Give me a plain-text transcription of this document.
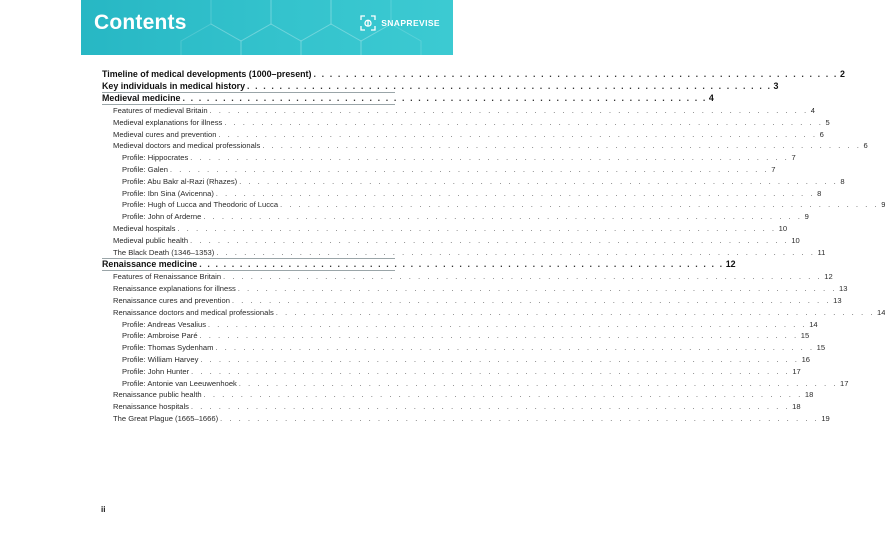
Contents	SNAPREVISE
Timeline of medical developments (1000–present) . . . . . . . . . . . . . . . . . . . . . . . . . . . . . . . . . . . . . . . . . . . . . . . . . . . . . . . . . . . . . . . . . 2
Key individuals in medical history . . . . . . . . . . . . . . . . . . . . . . . . . . . . . . . . . . . . . . . . . . . . . . . . . . . . . . . . . . . . . . . . . 3
Medieval medicine . . . . . . . . . . . . . . . . . . . . . . . . . . . . . . . . . . . . . . . . . . . . . . . . . . . . . . . . . . . . . . . . . 4
Features of medieval Britain . . . . . . . . . . . . . . . . . . . . . . . . . . . . . . . . . . . . . . . . . . . . . . . . . . . . . . . . . . . . . . . . . 4
Medieval explanations for illness . . . . . . . . . . . . . . . . . . . . . . . . . . . . . . . . . . . . . . . . . . . . . . . . . . . . . . . . . . . . . . . . . 5
Medieval cures and prevention . . . . . . . . . . . . . . . . . . . . . . . . . . . . . . . . . . . . . . . . . . . . . . . . . . . . . . . . . . . . . . . . . 6
Medieval doctors and medical professionals . . . . . . . . . . . . . . . . . . . . . . . . . . . . . . . . . . . . . . . . . . . . . . . . . . . . . . . . . . . . . . . . . 6
Profile: Hippocrates . . . . . . . . . . . . . . . . . . . . . . . . . . . . . . . . . . . . . . . . . . . . . . . . . . . . . . . . . . . . . . . . . 7
Profile: Galen . . . . . . . . . . . . . . . . . . . . . . . . . . . . . . . . . . . . . . . . . . . . . . . . . . . . . . . . . . . . . . . . . 7
Profile: Abu Bakr al-Razi (Rhazes) . . . . . . . . . . . . . . . . . . . . . . . . . . . . . . . . . . . . . . . . . . . . . . . . . . . . . . . . . . . . . . . . . 8
Profile: Ibn Sina (Avicenna) . . . . . . . . . . . . . . . . . . . . . . . . . . . . . . . . . . . . . . . . . . . . . . . . . . . . . . . . . . . . . . . . . 8
Profile: Hugh of Lucca and Theodoric of Lucca . . . . . . . . . . . . . . . . . . . . . . . . . . . . . . . . . . . . . . . . . . . . . . . . . . . . . . . . . . . . . . . . . 9
Profile: John of Arderne . . . . . . . . . . . . . . . . . . . . . . . . . . . . . . . . . . . . . . . . . . . . . . . . . . . . . . . . . . . . . . . . . 9
Medieval hospitals . . . . . . . . . . . . . . . . . . . . . . . . . . . . . . . . . . . . . . . . . . . . . . . . . . . . . . . . . . . . . . . . . 10
Medieval public health . . . . . . . . . . . . . . . . . . . . . . . . . . . . . . . . . . . . . . . . . . . . . . . . . . . . . . . . . . . . . . . . . 10
The Black Death (1346–1353) . . . . . . . . . . . . . . . . . . . . . . . . . . . . . . . . . . . . . . . . . . . . . . . . . . . . . . . . . . . . . . . . . 11
Renaissance medicine . . . . . . . . . . . . . . . . . . . . . . . . . . . . . . . . . . . . . . . . . . . . . . . . . . . . . . . . . . . . . . . . . 12
Features of Renaissance Britain . . . . . . . . . . . . . . . . . . . . . . . . . . . . . . . . . . . . . . . . . . . . . . . . . . . . . . . . . . . . . . . . . 12
Renaissance explanations for illness . . . . . . . . . . . . . . . . . . . . . . . . . . . . . . . . . . . . . . . . . . . . . . . . . . . . . . . . . . . . . . . . . 13
Renaissance cures and prevention . . . . . . . . . . . . . . . . . . . . . . . . . . . . . . . . . . . . . . . . . . . . . . . . . . . . . . . . . . . . . . . . . 13
Renaissance doctors and medical professionals . . . . . . . . . . . . . . . . . . . . . . . . . . . . . . . . . . . . . . . . . . . . . . . . . . . . . . . . . . . . . . . . . 14
Profile: Andreas Vesalius . . . . . . . . . . . . . . . . . . . . . . . . . . . . . . . . . . . . . . . . . . . . . . . . . . . . . . . . . . . . . . . . . 14
Profile: Ambroise Paré . . . . . . . . . . . . . . . . . . . . . . . . . . . . . . . . . . . . . . . . . . . . . . . . . . . . . . . . . . . . . . . . . 15
Profile: Thomas Sydenham . . . . . . . . . . . . . . . . . . . . . . . . . . . . . . . . . . . . . . . . . . . . . . . . . . . . . . . . . . . . . . . . . 15
Profile: William Harvey . . . . . . . . . . . . . . . . . . . . . . . . . . . . . . . . . . . . . . . . . . . . . . . . . . . . . . . . . . . . . . . . . 16
Profile: John Hunter . . . . . . . . . . . . . . . . . . . . . . . . . . . . . . . . . . . . . . . . . . . . . . . . . . . . . . . . . . . . . . . . . 17
Profile: Antonie van Leeuwenhoek . . . . . . . . . . . . . . . . . . . . . . . . . . . . . . . . . . . . . . . . . . . . . . . . . . . . . . . . . . . . . . . . . 17
Renaissance public health . . . . . . . . . . . . . . . . . . . . . . . . . . . . . . . . . . . . . . . . . . . . . . . . . . . . . . . . . . . . . . . . . 18
Renaissance hospitals . . . . . . . . . . . . . . . . . . . . . . . . . . . . . . . . . . . . . . . . . . . . . . . . . . . . . . . . . . . . . . . . . 18
The Great Plague (1665–1666) . . . . . . . . . . . . . . . . . . . . . . . . . . . . . . . . . . . . . . . . . . . . . . . . . . . . . . . . . . . . . . . . . 19
ii
